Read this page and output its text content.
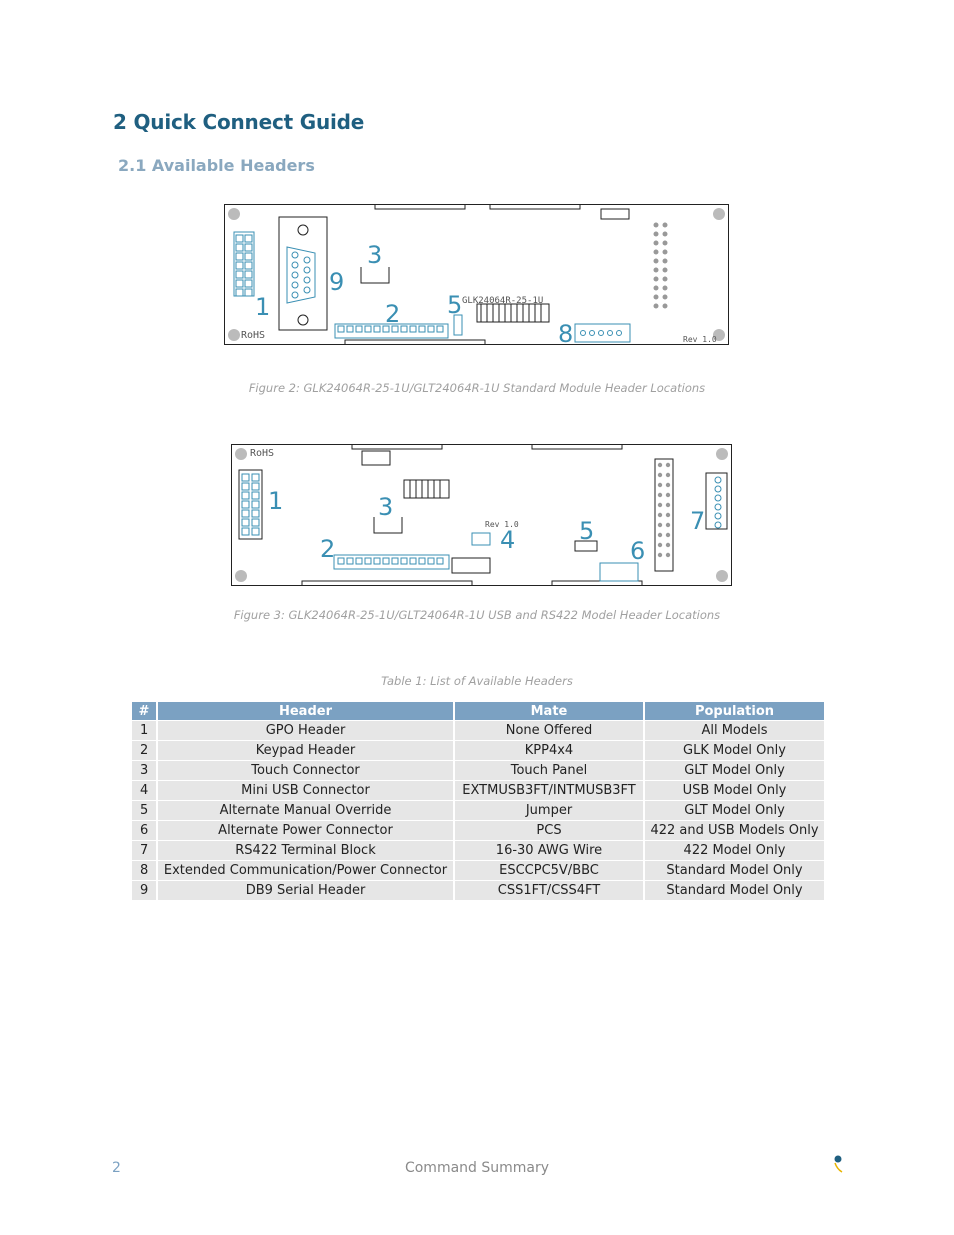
2 Quick Connect Guide
2.1 Available Headers
1	2
3
5
8
9
GLK24064R-25-1U
Rev 1.0
RoHS
Figure 2: GLK24064R-25-1U/GLT24064R-1U Standard Module Header Locations
1
2
3
4	5
6
7
Rev 1.0
RoHS
Figure 3: GLK24064R-25-1U/GLT24064R-1U USB and RS422 Model Header Locations
Table 1: List of Available Headers
#	Header	Mate	Population
1	GPO Header	None Offered	All Models
2	Keypad Header	KPP4x4	GLK Model Only
3	Touch Connector	Touch Panel	GLT Model Only
4	Mini USB Connector	EXTMUSB3FT/INTMUSB3FT	USB Model Only
5	Alternate Manual Override	Jumper	GLT Model Only
6	Alternate Power Connector	PCS	422 and USB Models Only
7	RS422 Terminal Block	16-30 AWG Wire	422 Model Only
8	Extended Communication/Power Connector	ESCCPC5V/BBC	Standard Model Only
9	DB9 Serial Header	CSS1FT/CSS4FT	Standard Model Only
2	Command Summary
